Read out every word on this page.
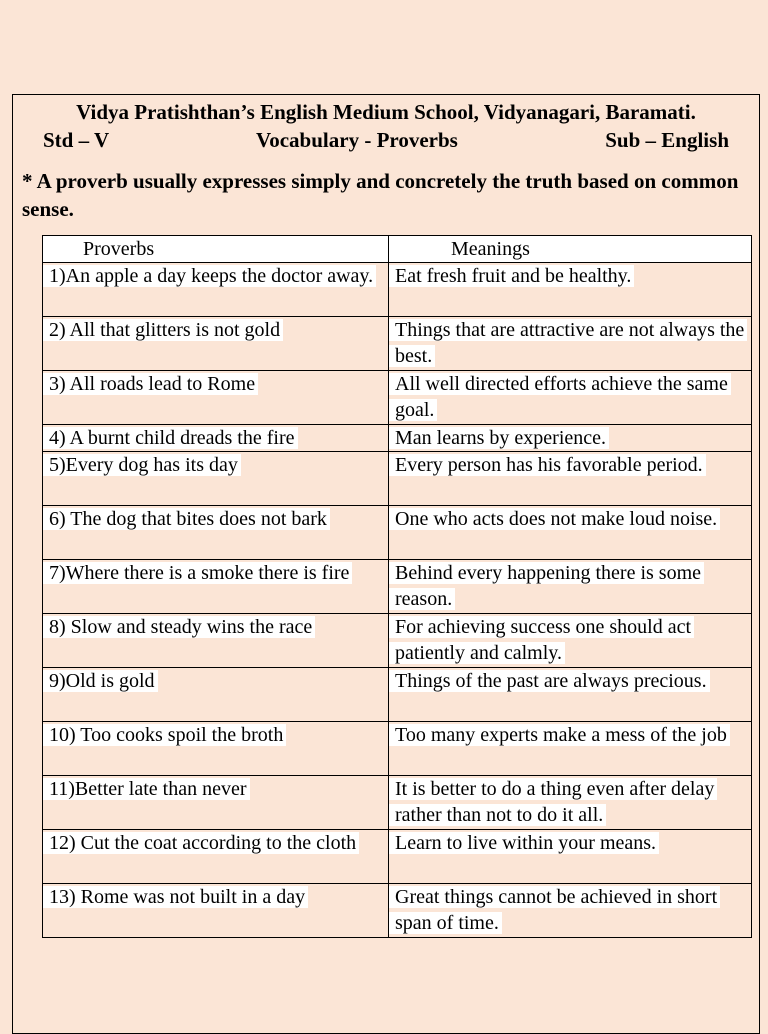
Vidya Pratishthan’s English Medium School, Vidyanagari, Baramati.
Std – V	Vocabulary - Proverbs	Sub – English
* A proverb usually expresses simply and concretely the truth based on common sense.
Proverbs	Meanings

1)An apple a day keeps the doctor away.	Eat fresh fruit and be healthy.
2) All that glitters is not gold	Things that are attractive are not always the best.
3) All roads lead to Rome	All well directed efforts achieve the same goal.
4) A burnt child dreads the fire	Man learns by experience.
5)Every dog has its day	Every person has his favorable period.
6) The dog that bites does not bark	One who acts does not make loud noise.
7)Where there is a smoke there is fire	Behind every happening there is some reason.
8) Slow and steady wins the race	For achieving success one should act patiently and calmly.
9)Old is gold	Things of the past are always precious.
10) Too cooks spoil the broth	Too many experts make a mess of the job
11)Better late than never	It is better to do a thing even after delay rather than not to do it all.
12) Cut the coat according to the cloth	Learn to live within your means.
13) Rome was not built in a day	Great things cannot be achieved in short span of time.
